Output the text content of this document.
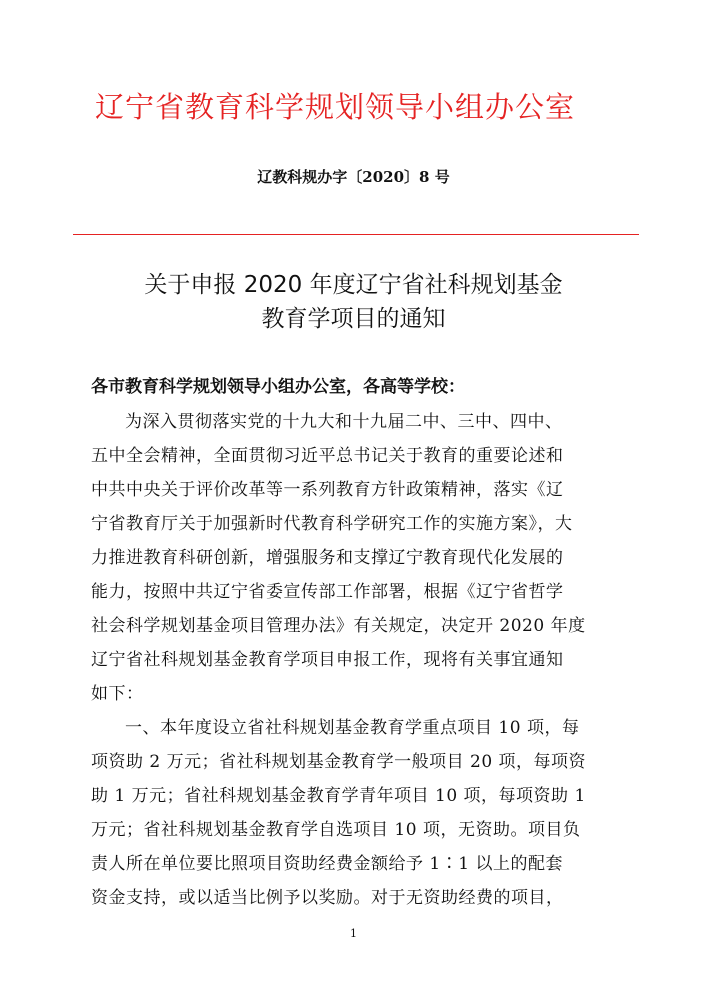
辽宁省教育科学规划领导小组办公室
辽教科规办字〔2020〕8 号
关于申报 2020 年度辽宁省社科规划基金
教育学项目的通知
各市教育科学规划领导小组办公室，各高等学校：
为深入贯彻落实党的十九大和十九届二中、三中、四中、
五中全会精神，全面贯彻习近平总书记关于教育的重要论述和
中共中央关于评价改革等一系列教育方针政策精神，落实《辽
宁省教育厅关于加强新时代教育科学研究工作的实施方案》，大
力推进教育科研创新，增强服务和支撑辽宁教育现代化发展的
能力，按照中共辽宁省委宣传部工作部署，根据《辽宁省哲学
社会科学规划基金项目管理办法》有关规定，决定开 2020 年度
辽宁省社科规划基金教育学项目申报工作，现将有关事宜通知
如下：
一、本年度设立省社科规划基金教育学重点项目 10 项，每
项资助 2 万元；省社科规划基金教育学一般项目 20 项，每项资
助 1 万元；省社科规划基金教育学青年项目 10 项，每项资助 1
万元；省社科规划基金教育学自选项目 10 项，无资助。项目负
责人所在单位要比照项目资助经费金额给予 1∶1 以上的配套
资金支持，或以适当比例予以奖励。对于无资助经费的项目，
1
